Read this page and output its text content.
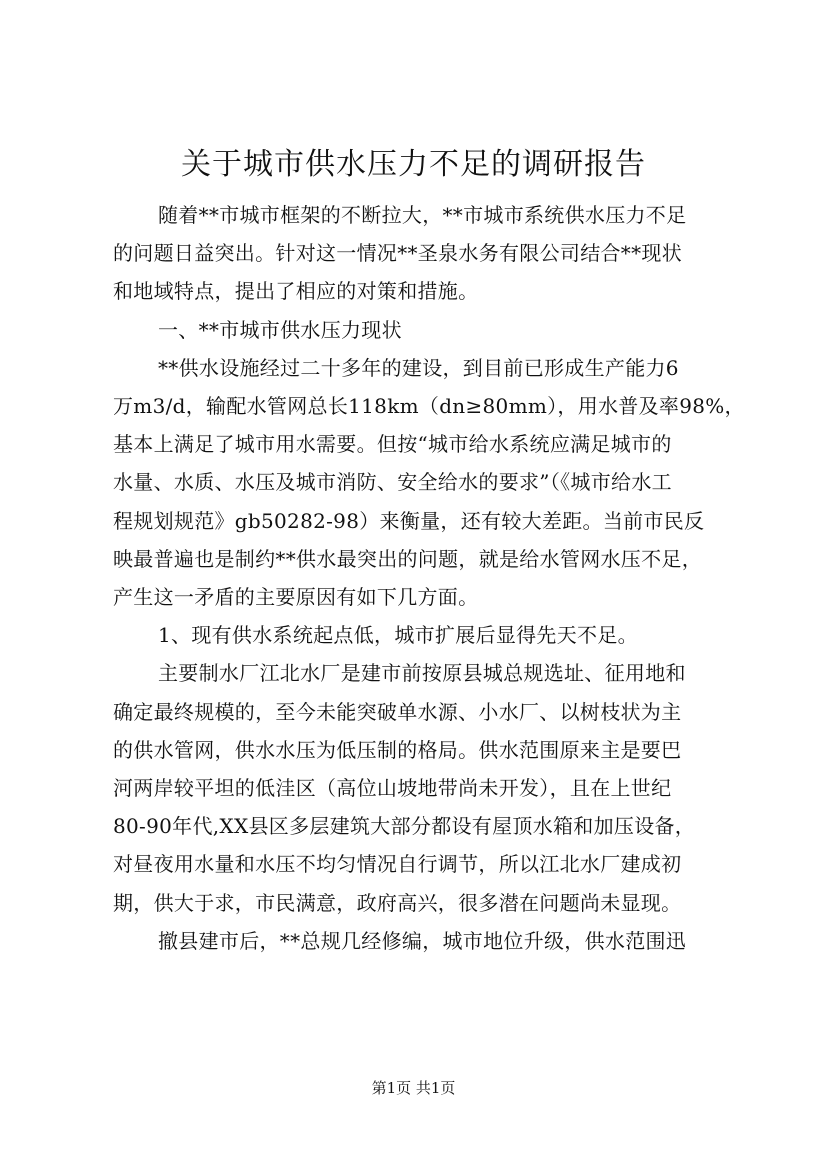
关于城市供水压力不足的调研报告

随着**市城市框架的不断拉大，**市城市系统供水压力不足

的问题日益突出。针对这一情况**圣泉水务有限公司结合**现状

和地域特点，提出了相应的对策和措施。

一、**市城市供水压力现状

**供水设施经过二十多年的建设，到目前已形成生产能力6

万m3/d，输配水管网总长118km（dn≥80mm），用水普及率98%，

基本上满足了城市用水需要。但按“城市给水系统应满足城市的

水量、水质、水压及城市消防、安全给水的要求”（《城市给水工

程规划规范》gb50282-98）来衡量，还有较大差距。当前市民反

映最普遍也是制约**供水最突出的问题，就是给水管网水压不足，

产生这一矛盾的主要原因有如下几方面。

1、现有供水系统起点低，城市扩展后显得先天不足。

主要制水厂江北水厂是建市前按原县城总规选址、征用地和

确定最终规模的，至今未能突破单水源、小水厂、以树枝状为主

的供水管网，供水水压为低压制的格局。供水范围原来主是要巴

河两岸较平坦的低洼区（高位山坡地带尚未开发），且在上世纪

80-90年代,XX县区多层建筑大部分都设有屋顶水箱和加压设备，

对昼夜用水量和水压不均匀情况自行调节，所以江北水厂建成初

期，供大于求，市民满意，政府高兴，很多潜在问题尚未显现。

撤县建市后，**总规几经修编，城市地位升级，供水范围迅

第1页 共1页
